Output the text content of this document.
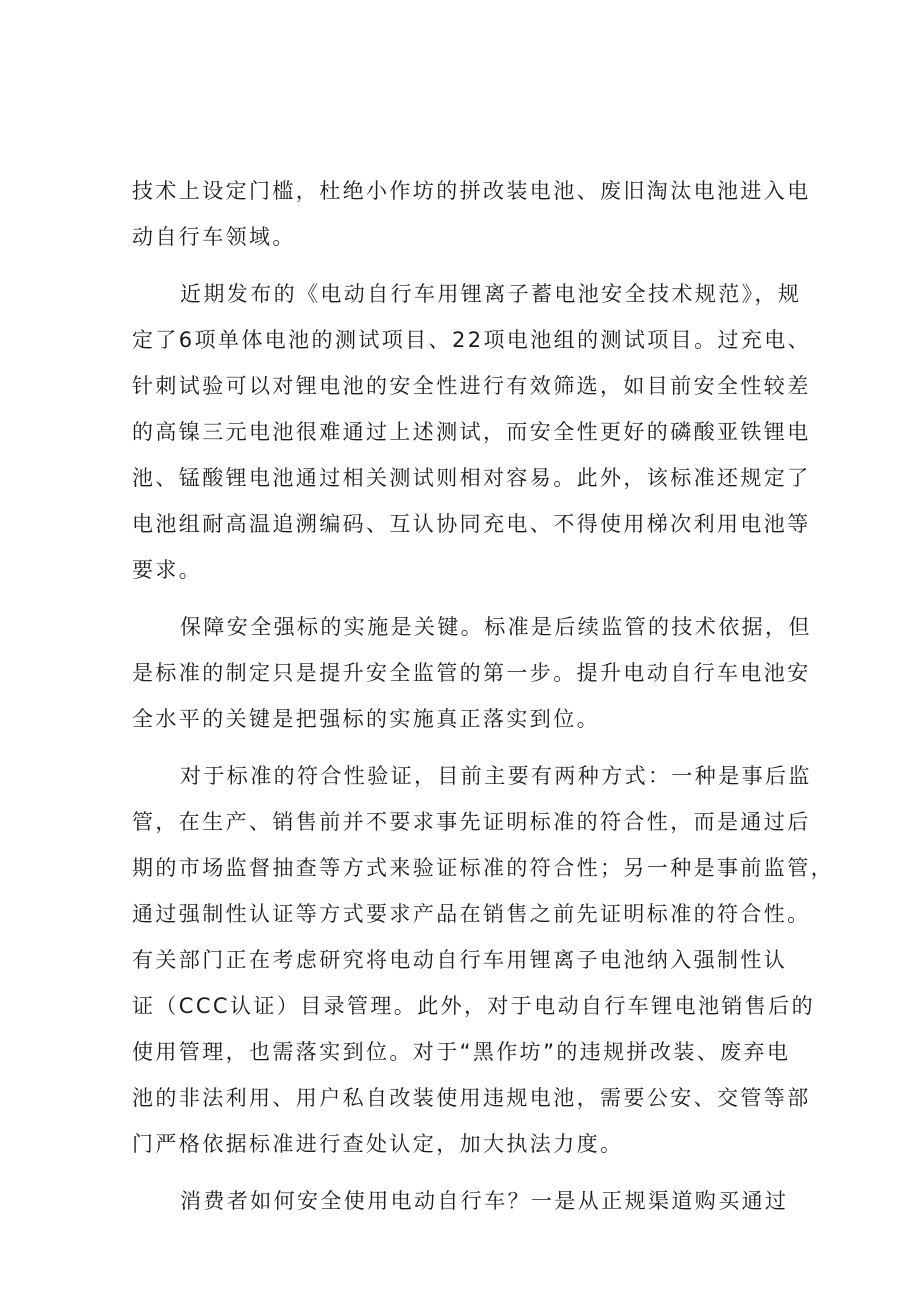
技术上设定门槛，杜绝小作坊的拼改装电池、废旧淘汰电池进入电
动自行车领域。
近期发布的《电动自行车用锂离子蓄电池安全技术规范》，规
定了6项单体电池的测试项目、22项电池组的测试项目。过充电、
针刺试验可以对锂电池的安全性进行有效筛选，如目前安全性较差
的高镍三元电池很难通过上述测试，而安全性更好的磷酸亚铁锂电
池、锰酸锂电池通过相关测试则相对容易。此外，该标准还规定了
电池组耐高温追溯编码、互认协同充电、不得使用梯次利用电池等
要求。
保障安全强标的实施是关键。标准是后续监管的技术依据，但
是标准的制定只是提升安全监管的第一步。提升电动自行车电池安
全水平的关键是把强标的实施真正落实到位。
对于标准的符合性验证，目前主要有两种方式：一种是事后监
管，在生产、销售前并不要求事先证明标准的符合性，而是通过后
期的市场监督抽查等方式来验证标准的符合性；另一种是事前监管，
通过强制性认证等方式要求产品在销售之前先证明标准的符合性。
有关部门正在考虑研究将电动自行车用锂离子电池纳入强制性认
证（CCC认证）目录管理。此外，对于电动自行车锂电池销售后的
使用管理，也需落实到位。对于“黑作坊”的违规拼改装、废弃电
池的非法利用、用户私自改装使用违规电池，需要公安、交管等部
门严格依据标准进行查处认定，加大执法力度。
消费者如何安全使用电动自行车？一是从正规渠道购买通过
